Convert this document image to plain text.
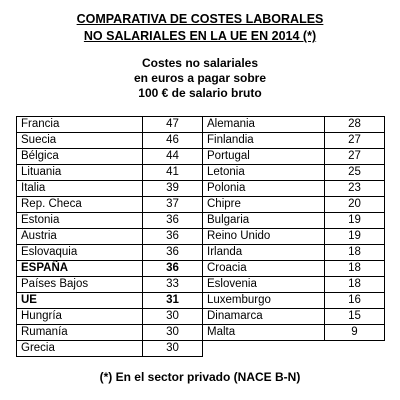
COMPARATIVA DE COSTES LABORALES
NO SALARIALES EN LA UE EN 2014 (*)
Costes no salariales
en euros a pagar sobre
100 € de salario bruto
Francia	47	Alemania	28
Suecia	46	Finlandia	27
Bélgica	44	Portugal	27
Lituania	41	Letonia	25
Italia	39	Polonia	23
Rep. Checa	37	Chipre	20
Estonia	36	Bulgaria	19
Austria	36	Reino Unido	19
Eslovaquia	36	Irlanda	18
ESPAÑA	36	Croacia	18
Países Bajos	33	Eslovenia	18
UE	31	Luxemburgo	16
Hungría	30	Dinamarca	15
Rumanía	30	Malta	9
Grecia	30		
(*) En el sector privado (NACE B-N)
